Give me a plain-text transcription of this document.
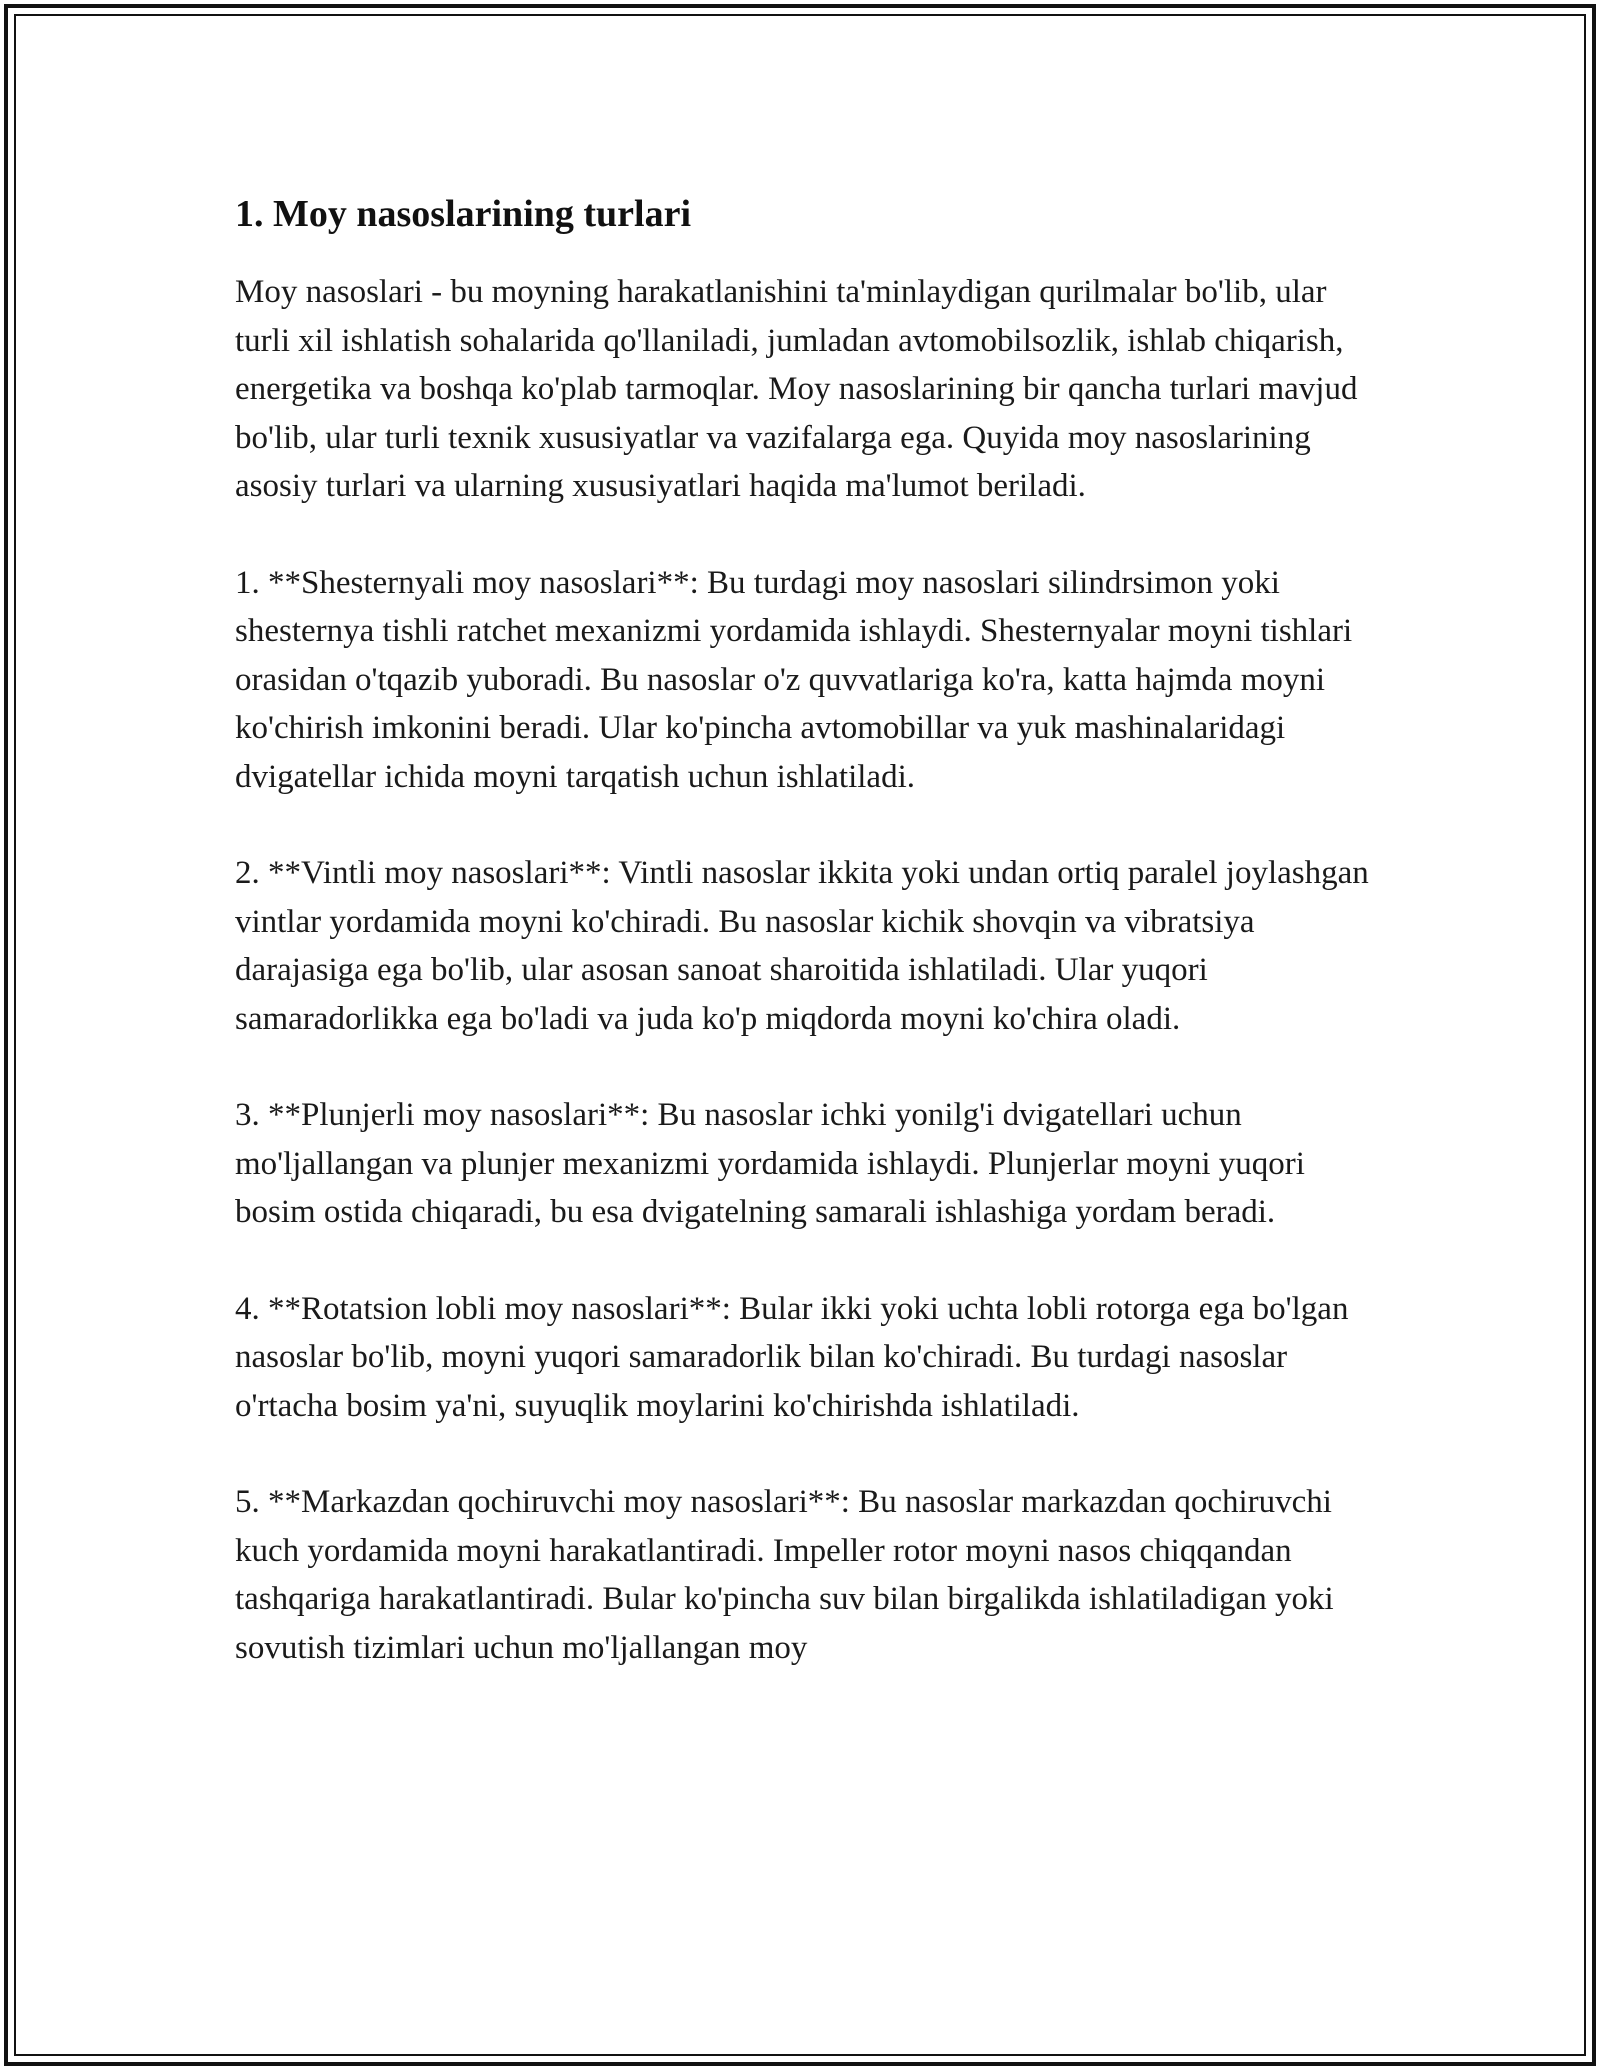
1. Moy nasoslarining turlari

Moy nasoslari - bu moyning harakatlanishini ta'minlaydigan qurilmalar bo'lib, ular turli xil ishlatish sohalarida qo'llaniladi, jumladan avtomobilsozlik, ishlab chiqarish, energetika va boshqa ko'plab tarmoqlar. Moy nasoslarining bir qancha turlari mavjud bo'lib, ular turli texnik xususiyatlar va vazifalarga ega. Quyida moy nasoslarining asosiy turlari va ularning xususiyatlari haqida ma'lumot beriladi.

1. **Shesternyali moy nasoslari**: Bu turdagi moy nasoslari silindrsimon yoki shesternya tishli ratchet mexanizmi yordamida ishlaydi. Shesternyalar moyni tishlari orasidan o'tqazib yuboradi. Bu nasoslar o'z quvvatlariga ko'ra, katta hajmda moyni ko'chirish imkonini beradi. Ular ko'pincha avtomobillar va yuk mashinalaridagi dvigatellar ichida moyni tarqatish uchun ishlatiladi.

2. **Vintli moy nasoslari**: Vintli nasoslar ikkita yoki undan ortiq paralel joylashgan vintlar yordamida moyni ko'chiradi. Bu nasoslar kichik shovqin va vibratsiya darajasiga ega bo'lib, ular asosan sanoat sharoitida ishlatiladi. Ular yuqori samaradorlikka ega bo'ladi va juda ko'p miqdorda moyni ko'chira oladi.

3. **Plunjerli moy nasoslari**: Bu nasoslar ichki yonilg'i dvigatellari uchun mo'ljallangan va plunjer mexanizmi yordamida ishlaydi. Plunjerlar moyni yuqori bosim ostida chiqaradi, bu esa dvigatelning samarali ishlashiga yordam beradi.

4. **Rotatsion lobli moy nasoslari**: Bular ikki yoki uchta lobli rotorga ega bo'lgan nasoslar bo'lib, moyni yuqori samaradorlik bilan ko'chiradi. Bu turdagi nasoslar o'rtacha bosim ya'ni, suyuqlik moylarini ko'chirishda ishlatiladi.

5. **Markazdan qochiruvchi moy nasoslari**: Bu nasoslar markazdan qochiruvchi kuch yordamida moyni harakatlantiradi. Impeller rotor moyni nasos chiqqandan tashqariga harakatlantiradi. Bular ko'pincha suv bilan birgalikda ishlatiladigan yoki sovutish tizimlari uchun mo'ljallangan moy
